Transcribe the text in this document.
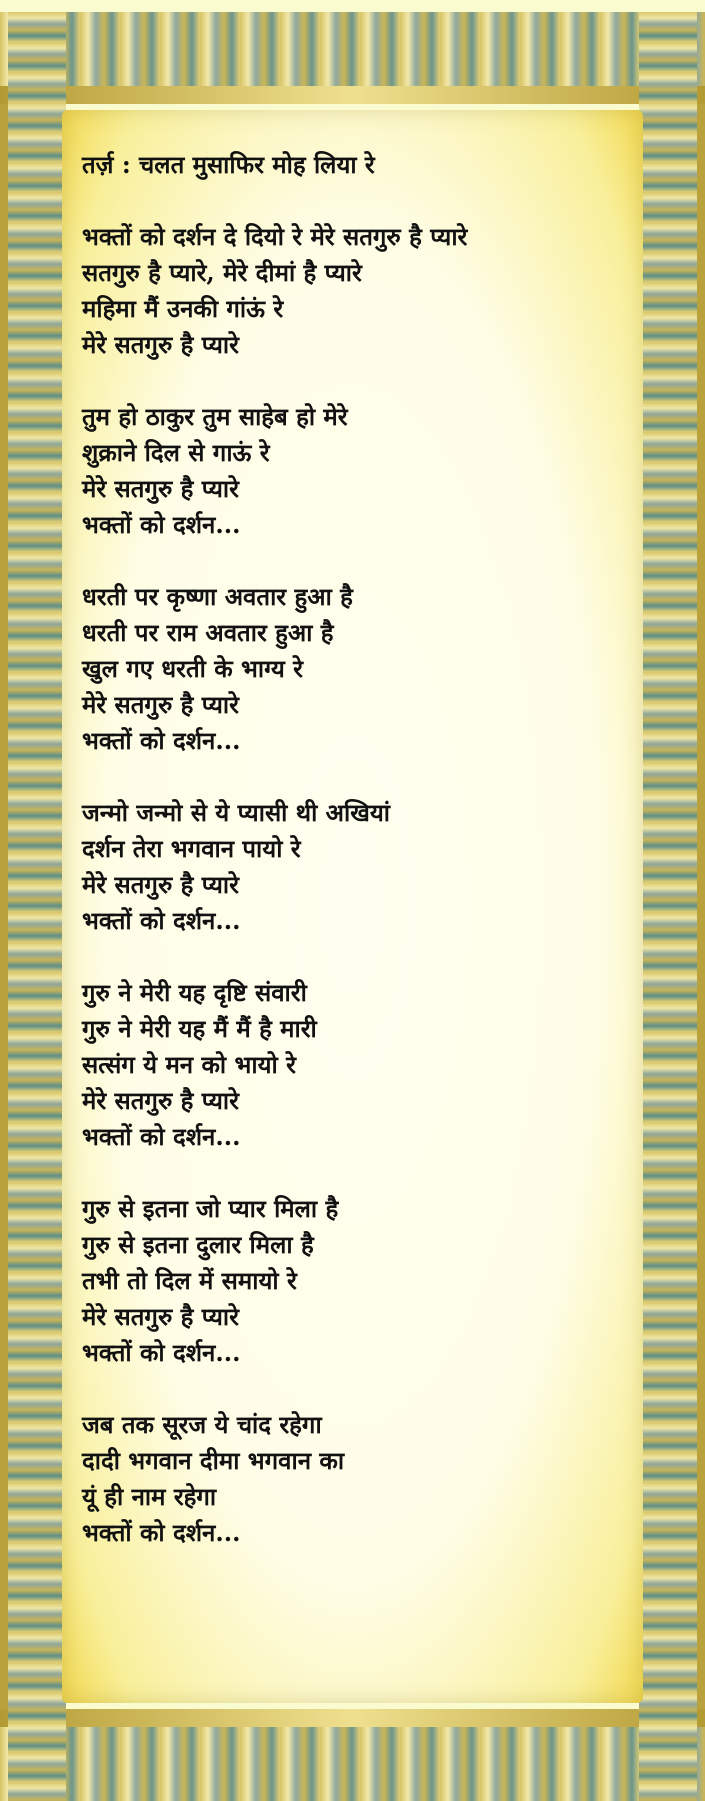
तर्ज़ : चलत मुसाफिर मोह लिया रे
भक्तों को दर्शन दे दियो रे मेरे सतगुरु है प्यारे
सतगुरु है प्यारे, मेरे दीमां है प्यारे
महिमा मैं उनकी गांऊं रे
मेरे सतगुरु है प्यारे
तुम हो ठाकुर तुम साहेब हो मेरे
शुक्राने दिल से गाऊं रे
मेरे सतगुरु है प्यारे
भक्तों को दर्शन...
धरती पर कृष्णा अवतार हुआ है
धरती पर राम अवतार हुआ है
खुल गए धरती के भाग्य रे
मेरे सतगुरु है प्यारे
भक्तों को दर्शन...
जन्मो जन्मो से ये प्यासी थी अखियां
दर्शन तेरा भगवान पायो रे
मेरे सतगुरु है प्यारे
भक्तों को दर्शन...
गुरु ने मेरी यह दृष्टि संवारी
गुरु ने मेरी यह मैं मैं है मारी
सत्संग ये मन को भायो रे
मेरे सतगुरु है प्यारे
भक्तों को दर्शन...
गुरु से इतना जो प्यार मिला है
गुरु से इतना दुलार मिला है
तभी तो दिल में समायो रे
मेरे सतगुरु है प्यारे
भक्तों को दर्शन...
जब तक सूरज ये चांद रहेगा
दादी भगवान दीमा भगवान का
यूं ही नाम रहेगा
भक्तों को दर्शन...
